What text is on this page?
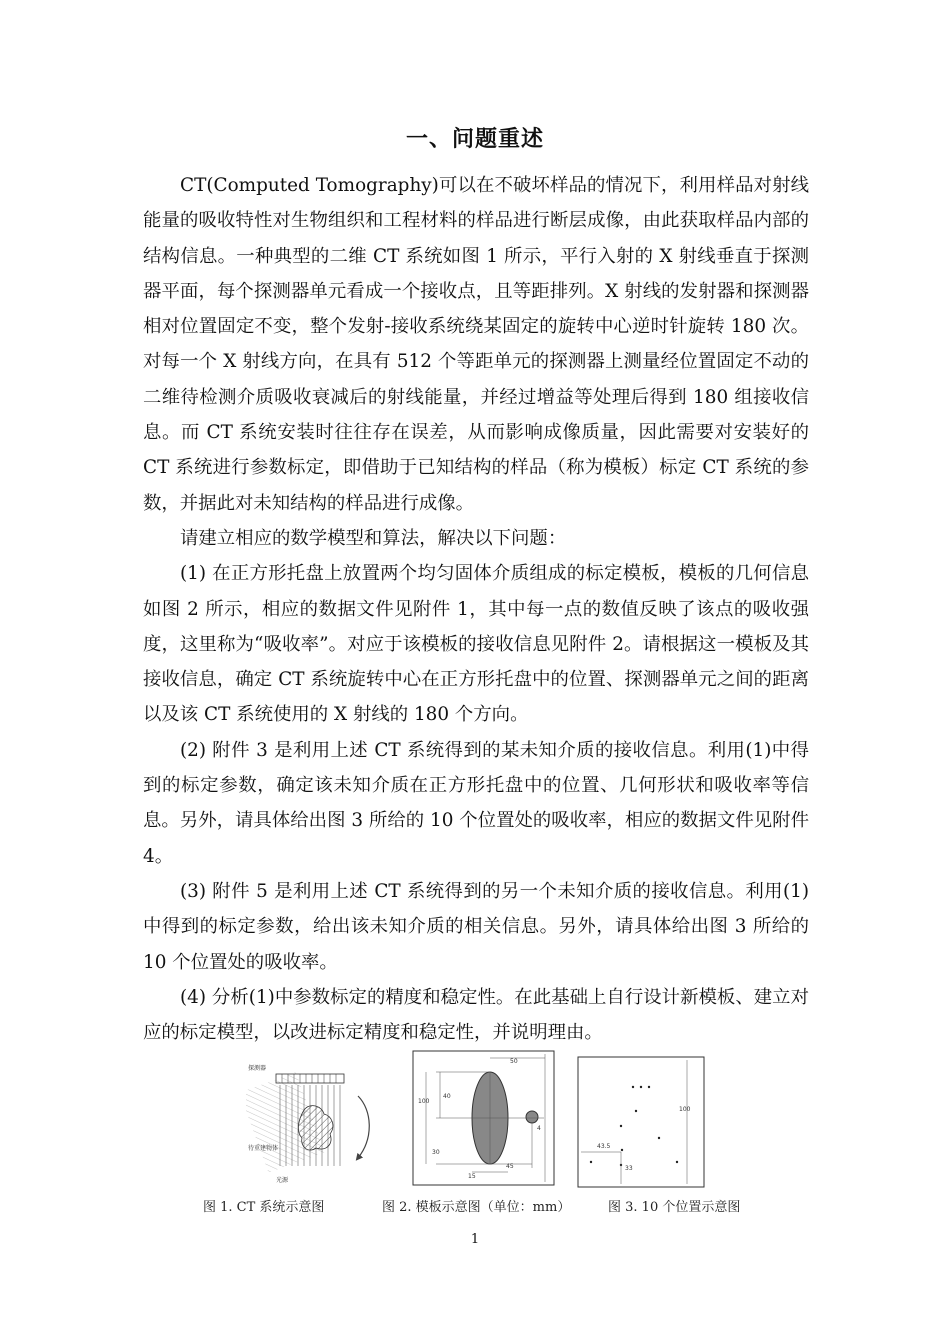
一、问题重述

CT(Computed Tomography)可以在不破坏样品的情况下，利用样品对射线能量的吸收特性对生物组织和工程材料的样品进行断层成像，由此获取样品内部的结构信息。一种典型的二维 CT 系统如图 1 所示，平行入射的 X 射线垂直于探测器平面，每个探测器单元看成一个接收点，且等距排列。X 射线的发射器和探测器相对位置固定不变，整个发射-接收系统绕某固定的旋转中心逆时针旋转 180 次。对每一个 X 射线方向，在具有 512 个等距单元的探测器上测量经位置固定不动的二维待检测介质吸收衰减后的射线能量，并经过增益等处理后得到 180 组接收信息。而 CT 系统安装时往往存在误差，从而影响成像质量，因此需要对安装好的 CT 系统进行参数标定，即借助于已知结构的样品（称为模板）标定 CT 系统的参数，并据此对未知结构的样品进行成像。

请建立相应的数学模型和算法，解决以下问题：

(1) 在正方形托盘上放置两个均匀固体介质组成的标定模板，模板的几何信息如图 2 所示，相应的数据文件见附件 1，其中每一点的数值反映了该点的吸收强度，这里称为“吸收率”。对应于该模板的接收信息见附件 2。请根据这一模板及其接收信息，确定 CT 系统旋转中心在正方形托盘中的位置、探测器单元之间的距离以及该 CT 系统使用的 X 射线的 180 个方向。

(2) 附件 3 是利用上述 CT 系统得到的某未知介质的接收信息。利用(1)中得到的标定参数，确定该未知介质在正方形托盘中的位置、几何形状和吸收率等信息。另外，请具体给出图 3 所给的 10 个位置处的吸收率，相应的数据文件见附件 4。

(3) 附件 5 是利用上述 CT 系统得到的另一个未知介质的接收信息。利用(1)中得到的标定参数，给出该未知介质的相关信息。另外，请具体给出图 3 所给的 10 个位置处的吸收率。

(4) 分析(1)中参数标定的精度和稳定性。在此基础上自行设计新模板、建立对应的标定模型，以改进标定精度和稳定性，并说明理由。

探测器
待重建物体
光源
50
100
40
30
4
45
15
100
43.5
33
图 1. CT 系统示意图	图 2. 模板示意图（单位：mm）	图 3. 10 个位置示意图
1
